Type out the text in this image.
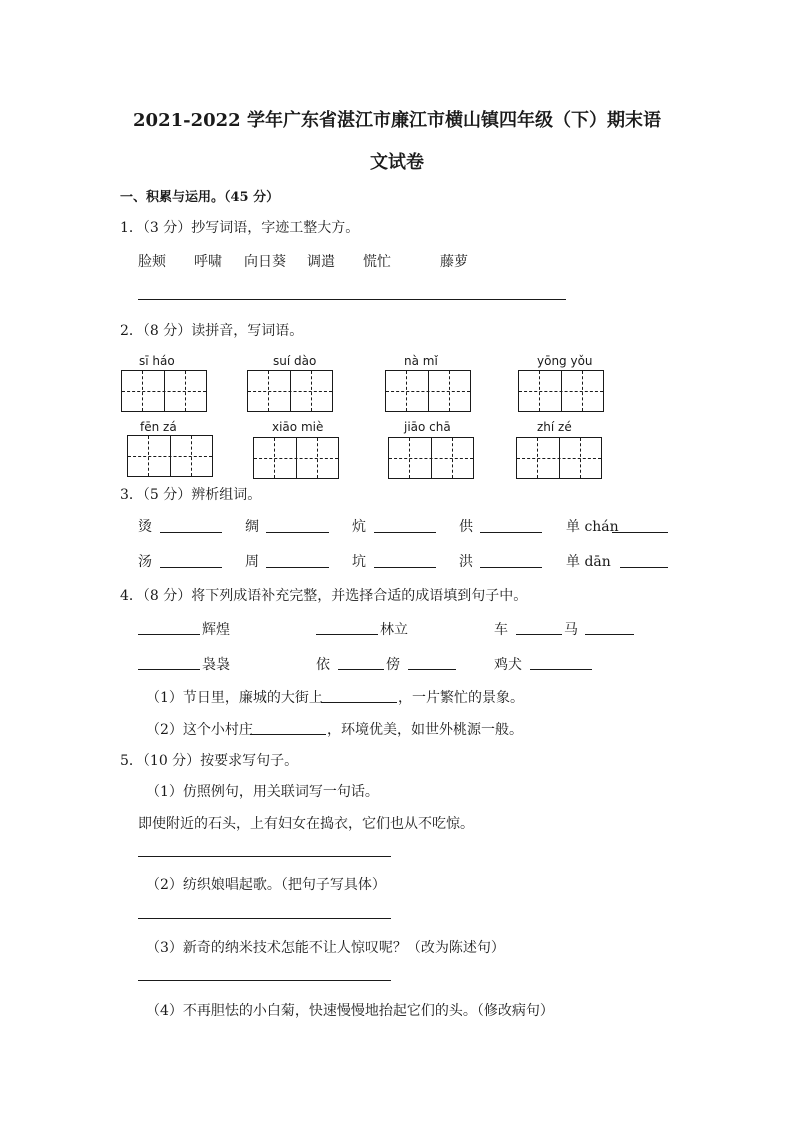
2021-2022 学年广东省湛江市廉江市横山镇四年级（下）期末语
文试卷
一、积累与运用。（45 分）
1．（3 分）抄写词语，字迹工整大方。
脸颊 呼啸 向日葵 调遣 慌忙	藤萝
2．（8 分）读拼音，写词语。
sī háo	suí dào	nà mǐ	yōng yǒu
fēn zá	xiāo miè	jiāo chā	zhí zé
3．（5 分）辨析组词。
烫	绸	炕	供	单 chán
汤	周	坑	洪	单 dān
4．（8 分）将下列成语补充完整，并选择合适的成语填到句子中。
辉煌	林立	车	马
袅袅	依	傍	鸡犬
（1）节日里，廉城的大街上	，一片繁忙的景象。
（2）这个小村庄	，环境优美，如世外桃源一般。
5．（10 分）按要求写句子。
（1）仿照例句，用关联词写一句话。
即使附近的石头，上有妇女在捣衣，它们也从不吃惊。
（2）纺织娘唱起歌。（把句子写具体）
（3）新奇的纳米技术怎能不让人惊叹呢？（改为陈述句）
（4）不再胆怯的小白菊，快速慢慢地抬起它们的头。（修改病句）
